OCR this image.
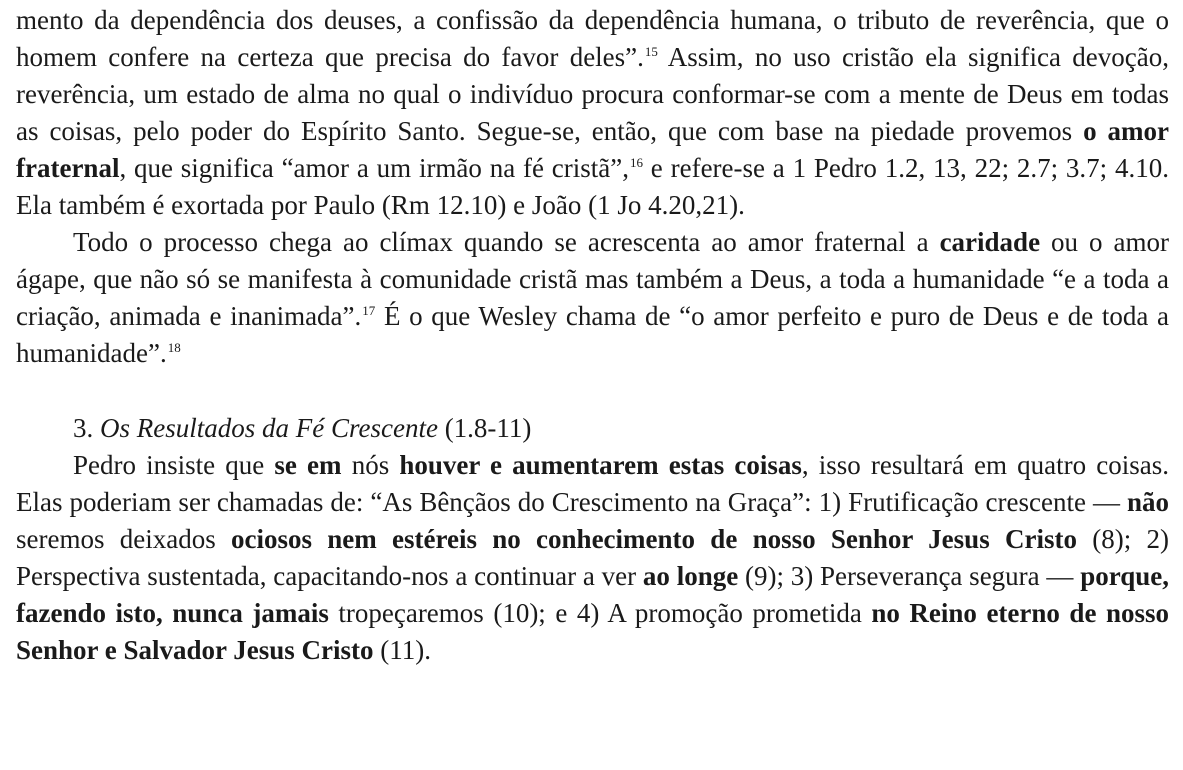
mento da dependência dos deuses, a confissão da dependência humana, o tributo de reverência, que o homem confere na certeza que precisa do favor deles”.$^{15}$ Assim, no uso cristão ela significa devoção, reverência, um estado de alma no qual o indivíduo procura conformar-se com a mente de Deus em todas as coisas, pelo poder do Espírito Santo. Segue-se, então, que com base na piedade provemos o amor fraternal, que significa “amor a um irmão na fé cristã”,$^{16}$ e refere-se a 1 Pedro 1.2, 13, 22; 2.7; 3.7; 4.10. Ela também é exortada por Paulo (Rm 12.10) e João (1 Jo 4.20,21).

Todo o processo chega ao clímax quando se acrescenta ao amor fraternal a caridade ou o amor ágape, que não só se manifesta à comunidade cristã mas também a Deus, a toda a humanidade “e a toda a criação, animada e inanimada”.$^{17}$ É o que Wesley chama de “o amor perfeito e puro de Deus e de toda a humanidade”.$^{18}$

3. Os Resultados da Fé Crescente (1.8-11)

Pedro insiste que se em nós houver e aumentarem estas coisas, isso resultará em quatro coisas. Elas poderiam ser chamadas de: “As Bênçãos do Crescimento na Graça”: 1) Frutificação crescente — não seremos deixados ociosos nem estéreis no conhecimento de nosso Senhor Jesus Cristo (8); 2) Perspectiva sustentada, capacitando-nos a continuar a ver ao longe (9); 3) Perseverança segura — porque, fazendo isto, nunca jamais tropeçaremos (10); e 4) A promoção prometida no Reino eterno de nosso Senhor e Salvador Jesus Cristo (11).
